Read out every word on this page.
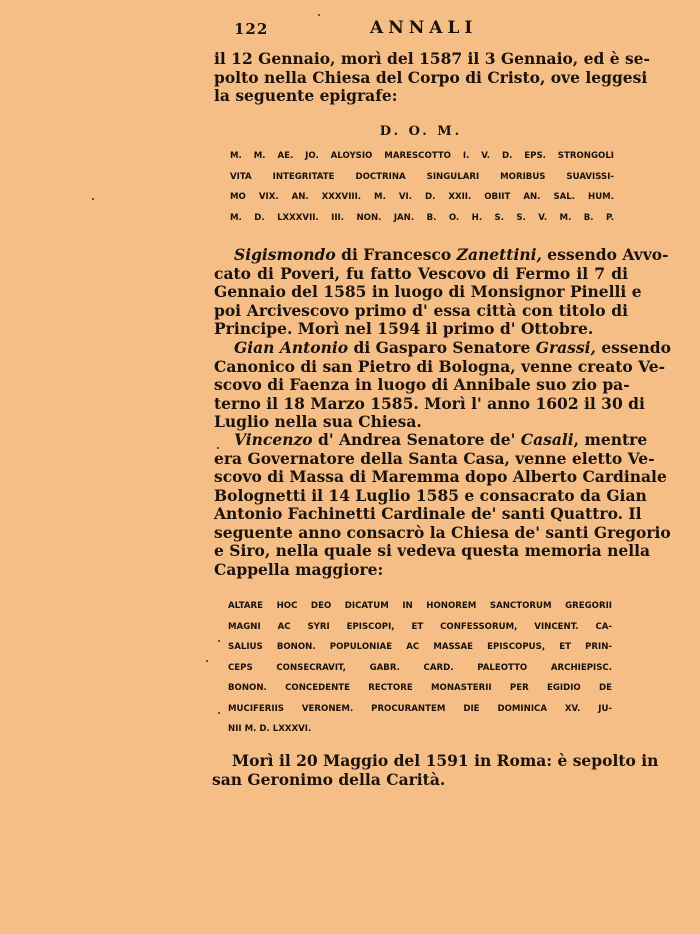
122	ANNALI
il 12 Gennaio, morì del 1587 il 3 Gennaio, ed è se-
polto nella Chiesa del Corpo di Cristo, ove leggesi
la seguente epigrafe:
D. O. M.
M. M. AE. JO. ALOYSIO MARESCOTTO I. V. D. EPS. STRONGOLI
VITA INTEGRITATE DOCTRINA SINGULARI MORIBUS SUAVISSI-
MO VIX. AN. XXXVIII. M. VI. D. XXII. OBIIT AN. SAL. HUM.
M. D. LXXXVII. III. NON. JAN. B. O. H. S. S. V. M. B. P.
Sigismondo di Francesco Zanettini, essendo Avvo-
cato di Poveri, fu fatto Vescovo di Fermo il 7 di
Gennaio del 1585 in luogo di Monsignor Pinelli e
poi Arcivescovo primo d' essa città con titolo di
Principe. Morì nel 1594 il primo d' Ottobre.
Gian Antonio di Gasparo Senatore Grassi, essendo
Canonico di san Pietro di Bologna, venne creato Ve-
scovo di Faenza in luogo di Annibale suo zio pa-
terno il 18 Marzo 1585. Morì l' anno 1602 il 30 di
Luglio nella sua Chiesa.
Vincenzo d' Andrea Senatore de' Casali, mentre
era Governatore della Santa Casa, venne eletto Ve-
scovo di Massa di Maremma dopo Alberto Cardinale
Bolognetti il 14 Luglio 1585 e consacrato da Gian
Antonio Fachinetti Cardinale de' santi Quattro. Il
seguente anno consacrò la Chiesa de' santi Gregorio
e Siro, nella quale si vedeva questa memoria nella
Cappella maggiore:
ALTARE HOC DEO DICATUM IN HONOREM SANCTORUM GREGORII
MAGNI AC SYRI EPISCOPI, ET CONFESSORUM, VINCENT. CA-
SALIUS BONON. POPULONIAE AC MASSAE EPISCOPUS, ET PRIN-
CEPS CONSECRAVIT, GABR. CARD. PALEOTTO ARCHIEPISC.
BONON. CONCEDENTE RECTORE MONASTERII PER EGIDIO DE
MUCIFERIIS VERONEM. PROCURANTEM DIE DOMINICA XV. JU-
NII M. D. LXXXVI.
Morì il 20 Maggio del 1591 in Roma: è sepolto in
san Geronimo della Carità.
